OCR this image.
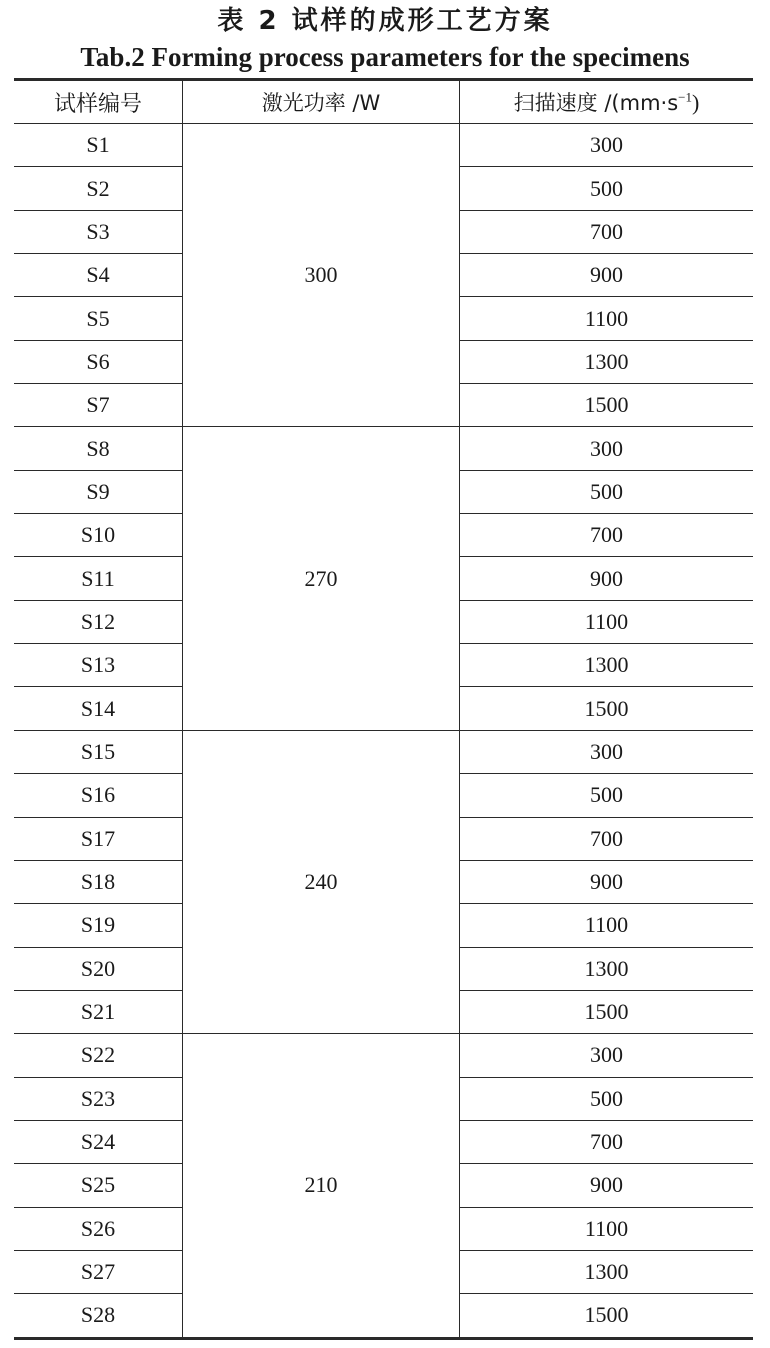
表 2 试样的成形工艺方案
Tab.2 Forming process parameters for the specimens
试样编号	激光功率 /W	扫描速度 $/(mm\cdot s^{-1})$
S1	300	300
S2		500
S3		700
S4		900
S5		1100
S6		1300
S7		1500
S8	270	300
S9		500
S10		700
S11		900
S12		1100
S13		1300
S14		1500
S15	240	300
S16		500
S17		700
S18		900
S19		1100
S20		1300
S21		1500
S22	210	300
S23		500
S24		700
S25		900
S26		1100
S27		1300
S28		1500
